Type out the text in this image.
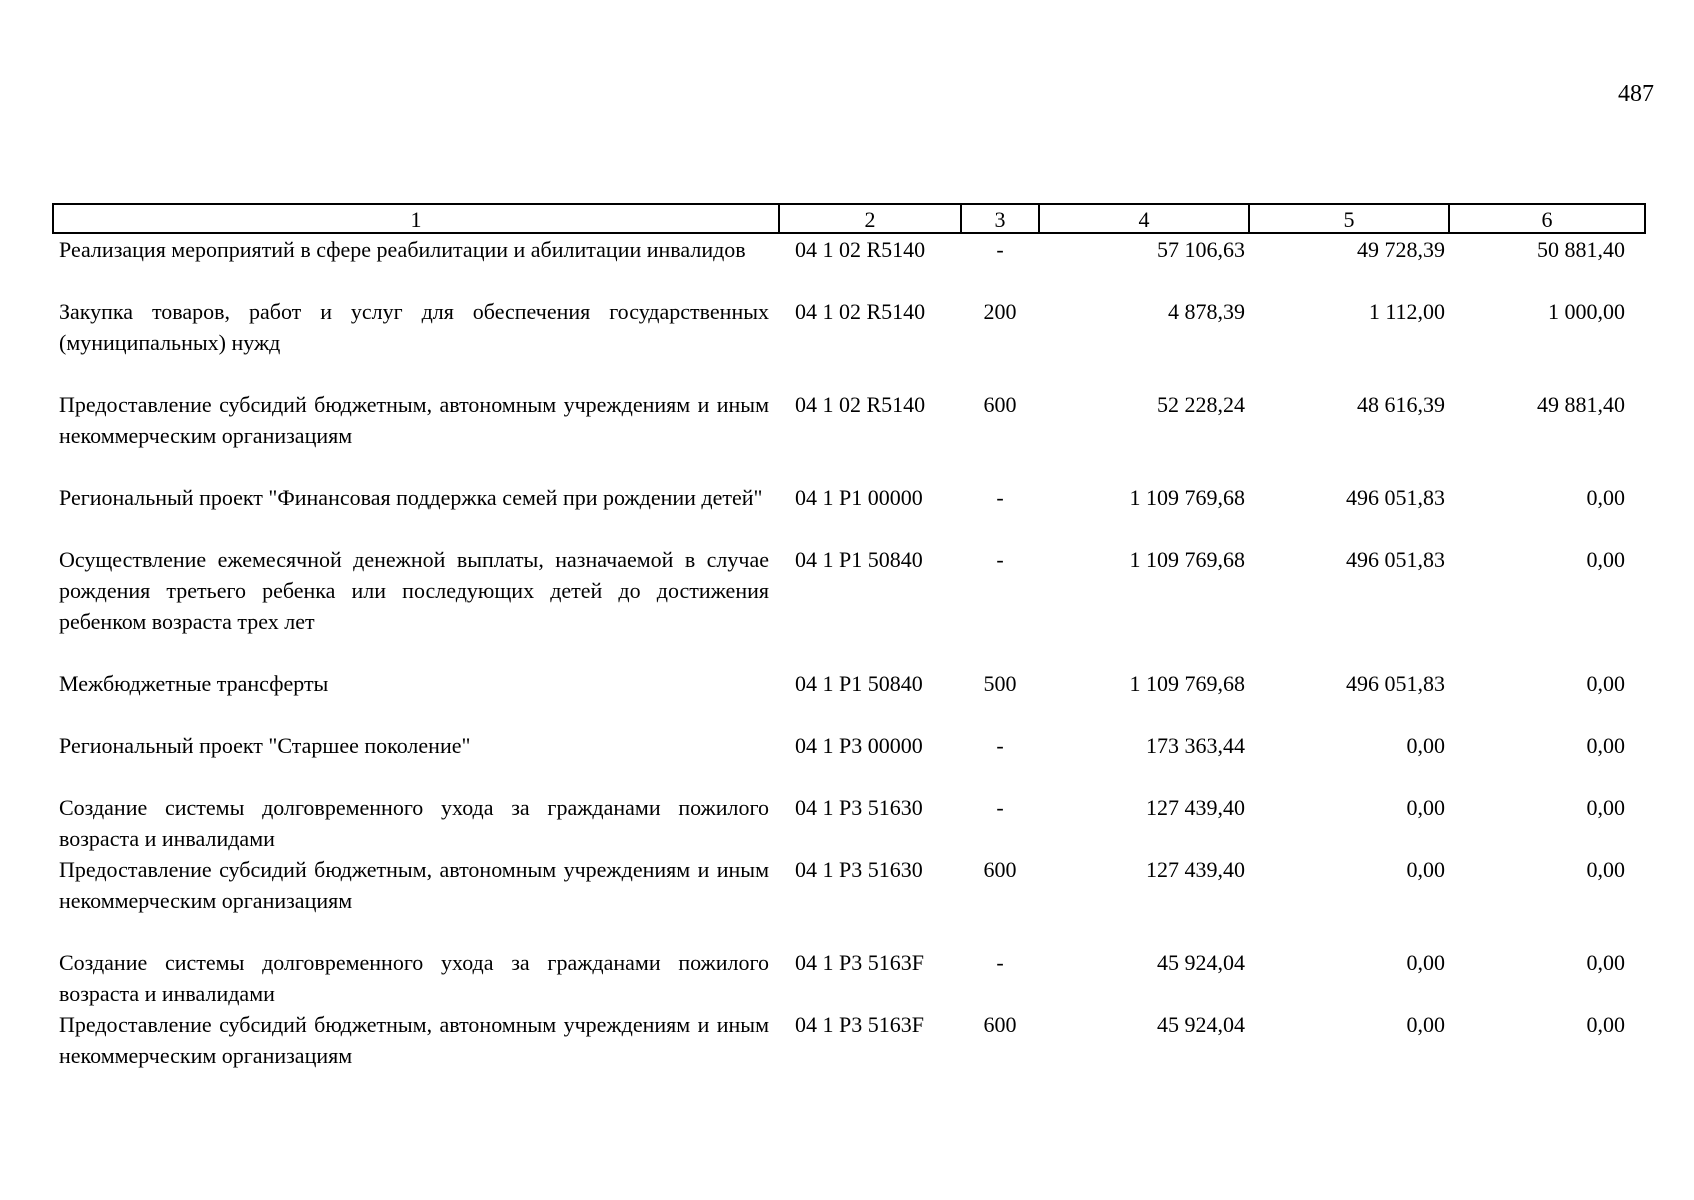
487
1	2	3	4	5	6
Реализация мероприятий в сфере реабилитации и абилитации инвалидов	04 1 02 R5140	-	57 106,63	49 728,39	50 881,40
Закупка товаров, работ и услуг для обеспечения государственных (муниципальных) нужд	04 1 02 R5140	200	4 878,39	1 112,00	1 000,00
Предоставление субсидий бюджетным, автономным учреждениям и иным некоммерческим организациям	04 1 02 R5140	600	52 228,24	48 616,39	49 881,40
Региональный проект "Финансовая поддержка семей при рождении детей"	04 1 P1 00000	-	1 109 769,68	496 051,83	0,00
Осуществление ежемесячной денежной выплаты, назначаемой в случае рождения третьего ребенка или последующих детей до достижения ребенком возраста трех лет	04 1 P1 50840	-	1 109 769,68	496 051,83	0,00
Межбюджетные трансферты	04 1 P1 50840	500	1 109 769,68	496 051,83	0,00
Региональный проект "Старшее поколение"	04 1 P3 00000	-	173 363,44	0,00	0,00
Создание системы долговременного ухода за гражданами пожилого возраста и инвалидами	04 1 P3 51630	-	127 439,40	0,00	0,00
Предоставление субсидий бюджетным, автономным учреждениям и иным некоммерческим организациям	04 1 P3 51630	600	127 439,40	0,00	0,00
Создание системы долговременного ухода за гражданами пожилого возраста и инвалидами	04 1 P3 5163F	-	45 924,04	0,00	0,00
Предоставление субсидий бюджетным, автономным учреждениям и иным некоммерческим организациям	04 1 P3 5163F	600	45 924,04	0,00	0,00
